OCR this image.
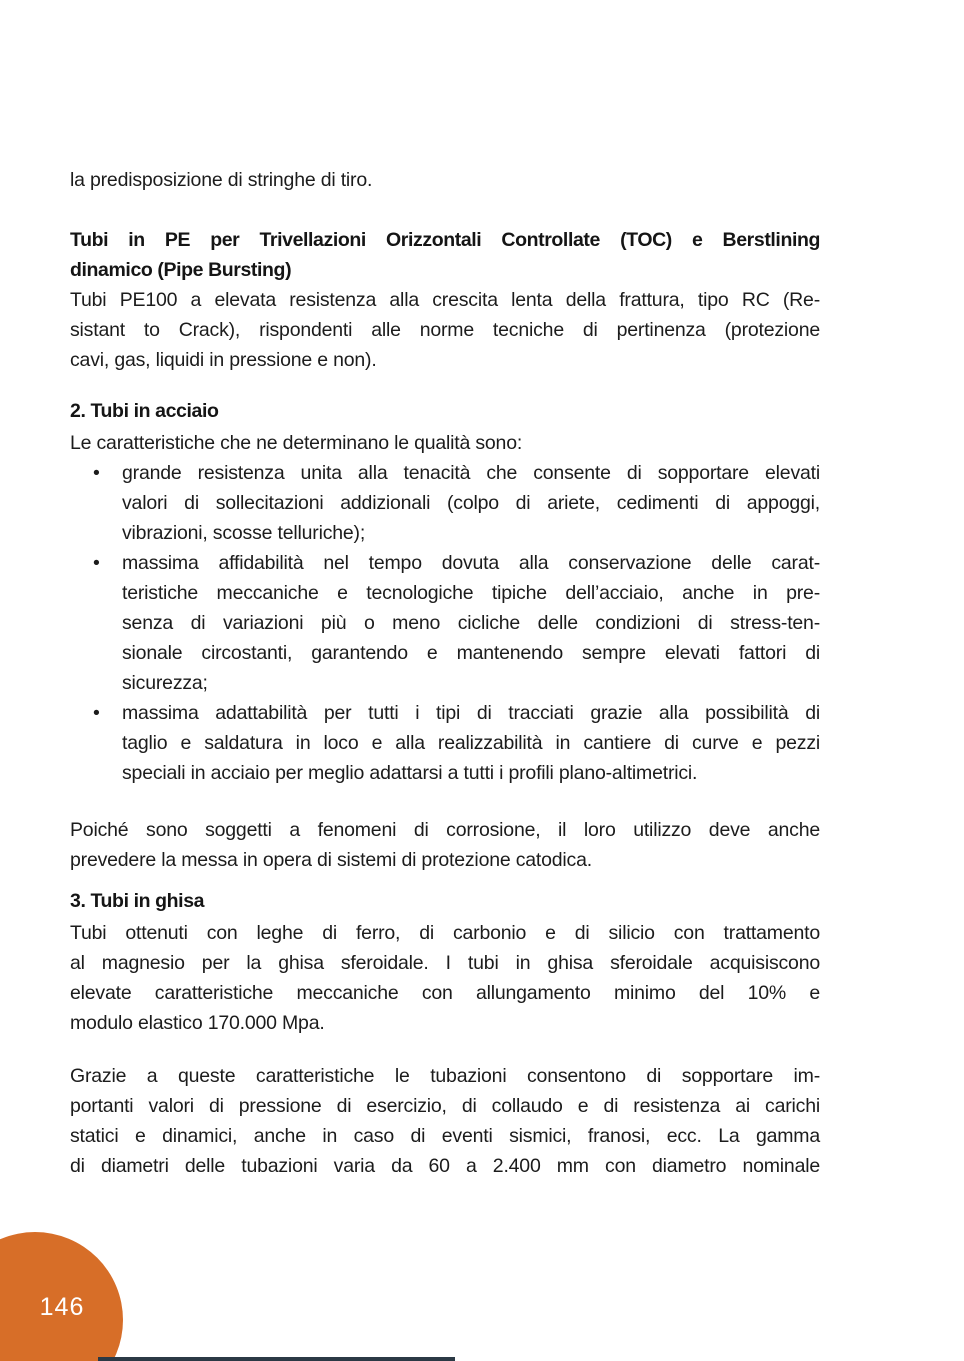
la predisposizione di stringhe di tiro.
Tubi in PE per Trivellazioni Orizzontali Controllate (TOC) e Berstlining
dinamico (Pipe Bursting)
Tubi PE100 a elevata resistenza alla crescita lenta della frattura, tipo RC (Re-
sistant to Crack), rispondenti alle norme tecniche di pertinenza (protezione
cavi, gas, liquidi in pressione e non).
2. Tubi in acciaio
Le caratteristiche che ne determinano le qualità sono:
• grande resistenza unita alla tenacità che consente di sopportare elevati
valori di sollecitazioni addizionali (colpo di ariete, cedimenti di appoggi,
vibrazioni, scosse telluriche);
• massima affidabilità nel tempo dovuta alla conservazione delle carat-
teristiche meccaniche e tecnologiche tipiche dell’acciaio, anche in pre-
senza di variazioni più o meno cicliche delle condizioni di stress-ten-
sionale circostanti, garantendo e mantenendo sempre elevati fattori di
sicurezza;
• massima adattabilità per tutti i tipi di tracciati grazie alla possibilità di
taglio e saldatura in loco e alla realizzabilità in cantiere di curve e pezzi
speciali in acciaio per meglio adattarsi a tutti i profili plano-altimetrici.
Poiché sono soggetti a fenomeni di corrosione, il loro utilizzo deve anche
prevedere la messa in opera di sistemi di protezione catodica.
3. Tubi in ghisa
Tubi ottenuti con leghe di ferro, di carbonio e di silicio con trattamento
al magnesio per la ghisa sferoidale. I tubi in ghisa sferoidale acquisiscono
elevate caratteristiche meccaniche con allungamento minimo del 10% e
modulo elastico 170.000 Mpa.
Grazie a queste caratteristiche le tubazioni consentono di sopportare im-
portanti valori di pressione di esercizio, di collaudo e di resistenza ai carichi
statici e dinamici, anche in caso di eventi sismici, franosi, ecc. La gamma
di diametri delle tubazioni varia da 60 a 2.400 mm con diametro nominale
146
